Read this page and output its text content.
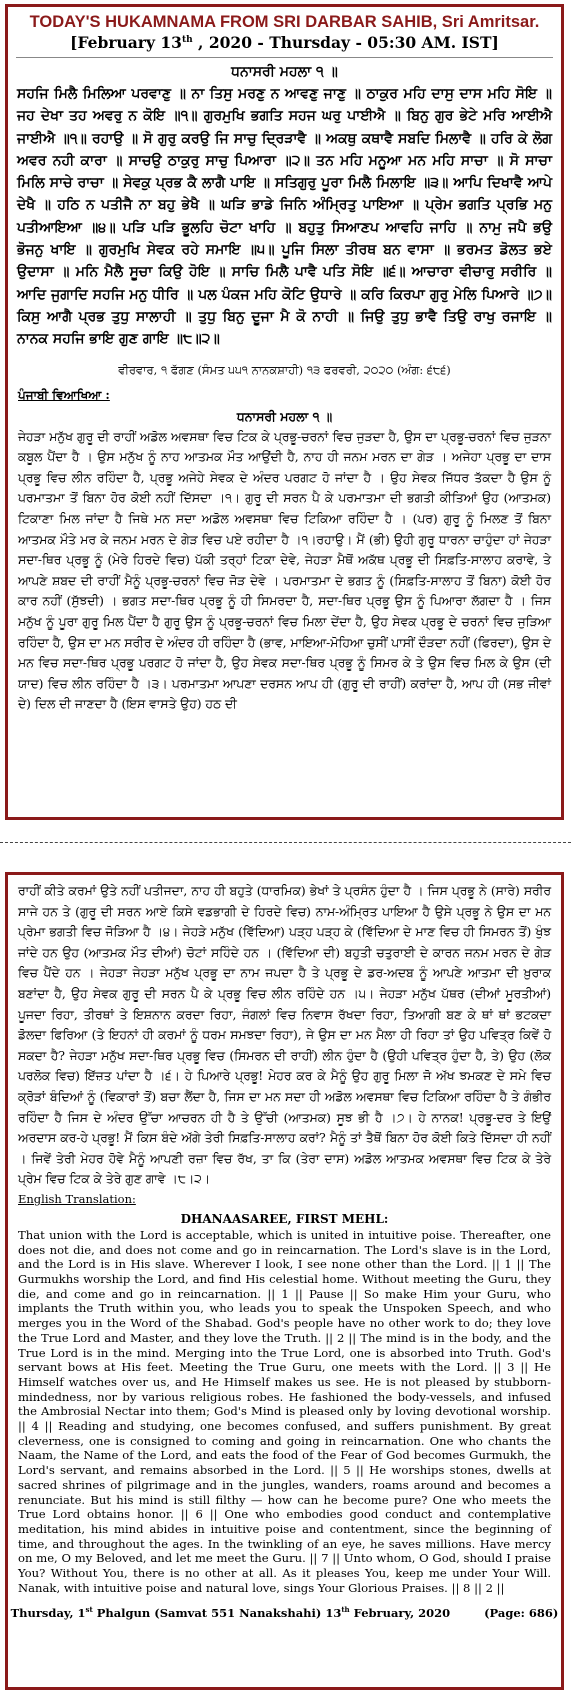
TODAY'S HUKAMNAMA FROM SRI DARBAR SAHIB, Sri Amritsar.
[February 13th , 2020 - Thursday - 05:30 AM. IST]
ਧਨਾਸਰੀ ਮਹਲਾ ੧ ॥

ਸਹਜਿ ਮਿਲੈ ਮਿਲਿਆ ਪਰਵਾਣੁ ॥ ਨਾ ਤਿਸੁ ਮਰਣੁ ਨ ਆਵਣੁ ਜਾਣੁ ॥ ਠਾਕੁਰ ਮਹਿ ਦਾਸੁ ਦਾਸ ਮਹਿ ਸੋਇ ॥ ਜਹ ਦੇਖਾ ਤਹ ਅਵਰੁ ਨ ਕੋਇ ॥੧॥ ਗੁਰਮੁਖਿ ਭਗਤਿ ਸਹਜ ਘਰੁ ਪਾਈਐ ॥ ਬਿਨੁ ਗੁਰ ਭੇਟੇ ਮਰਿ ਆਈਐ ਜਾਈਐ ॥੧॥ ਰਹਾਉ ॥ ਸੋ ਗੁਰੁ ਕਰਉ ਜਿ ਸਾਚੁ ਦ੍ਰਿੜਾਵੈ ॥ ਅਕਥੁ ਕਥਾਵੈ ਸਬਦਿ ਮਿਲਾਵੈ ॥ ਹਰਿ ਕੇ ਲੋਗ ਅਵਰ ਨਹੀ ਕਾਰਾ ॥ ਸਾਚਉ ਠਾਕੁਰੁ ਸਾਚੁ ਪਿਆਰਾ ॥੨॥ ਤਨ ਮਹਿ ਮਨੂਆ ਮਨ ਮਹਿ ਸਾਚਾ ॥ ਸੋ ਸਾਚਾ ਮਿਲਿ ਸਾਚੇ ਰਾਚਾ ॥ ਸੇਵਕੁ ਪ੍ਰਭ ਕੈ ਲਾਗੈ ਪਾਇ ॥ ਸਤਿਗੁਰੁ ਪੂਰਾ ਮਿਲੈ ਮਿਲਾਇ ॥੩॥ ਆਪਿ ਦਿਖਾਵੈ ਆਪੇ ਦੇਖੈ ॥ ਹਠਿ ਨ ਪਤੀਜੈ ਨਾ ਬਹੁ ਭੇਖੈ ॥ ਘੜਿ ਭਾਡੇ ਜਿਨਿ ਅੰਮ੍ਰਿਤੁ ਪਾਇਆ ॥ ਪ੍ਰੇਮ ਭਗਤਿ ਪ੍ਰਭਿ ਮਨੁ ਪਤੀਆਇਆ ॥੪॥ ਪੜਿ ਪੜਿ ਭੂਲਹਿ ਚੋਟਾ ਖਾਹਿ ॥ ਬਹੁਤੁ ਸਿਆਣਪ ਆਵਹਿ ਜਾਹਿ ॥ ਨਾਮੁ ਜਪੈ ਭਉ ਭੋਜਨੁ ਖਾਇ ॥ ਗੁਰਮੁਖਿ ਸੇਵਕ ਰਹੇ ਸਮਾਇ ॥੫॥ ਪੂਜਿ ਸਿਲਾ ਤੀਰਥ ਬਨ ਵਾਸਾ ॥ ਭਰਮਤ ਡੋਲਤ ਭਏ ਉਦਾਸਾ ॥ ਮਨਿ ਮੈਲੈ ਸੂਚਾ ਕਿਉ ਹੋਇ ॥ ਸਾਚਿ ਮਿਲੈ ਪਾਵੈ ਪਤਿ ਸੋਇ ॥੬॥ ਆਚਾਰਾ ਵੀਚਾਰੁ ਸਰੀਰਿ ॥ ਆਦਿ ਜੁਗਾਦਿ ਸਹਜਿ ਮਨੁ ਧੀਰਿ ॥ ਪਲ ਪੰਕਜ ਮਹਿ ਕੋਟਿ ਉਧਾਰੇ ॥ ਕਰਿ ਕਿਰਪਾ ਗੁਰੁ ਮੇਲਿ ਪਿਆਰੇ ॥੭॥ ਕਿਸੁ ਆਗੈ ਪ੍ਰਭ ਤੁਧੁ ਸਾਲਾਹੀ ॥ ਤੁਧੁ ਬਿਨੁ ਦੂਜਾ ਮੈ ਕੋ ਨਾਹੀ ॥ ਜਿਉ ਤੁਧੁ ਭਾਵੈ ਤਿਉ ਰਾਖੁ ਰਜਾਇ ॥ ਨਾਨਕ ਸਹਜਿ ਭਾਇ ਗੁਣ ਗਾਇ ॥੮॥੨॥

ਵੀਰਵਾਰ, ੧ ਫੱਗਣ (ਸੰਮਤ ੫੫੧ ਨਾਨਕਸ਼ਾਹੀ) ੧੩ ਫਰਵਰੀ, ੨੦੨੦ (ਅੰਗ: ੬੮੬)
ਪੰਜਾਬੀ ਵਿਆਖਿਆ :
ਧਨਾਸਰੀ ਮਹਲਾ ੧ ॥

ਜੇਹੜਾ ਮਨੁੱਖ ਗੁਰੂ ਦੀ ਰਾਹੀਂ ਅਡੋਲ ਅਵਸਥਾ ਵਿਚ ਟਿਕ ਕੇ ਪ੍ਰਭੂ-ਚਰਨਾਂ ਵਿਚ ਜੁੜਦਾ ਹੈ, ਉਸ ਦਾ ਪ੍ਰਭੂ-ਚਰਨਾਂ ਵਿਚ ਜੁੜਨਾ ਕਬੂਲ ਪੈਂਦਾ ਹੈ । ਉਸ ਮਨੁੱਖ ਨੂੰ ਨਾਹ ਆਤਮਕ ਮੌਤ ਆਉਂਦੀ ਹੈ, ਨਾਹ ਹੀ ਜਨਮ ਮਰਨ ਦਾ ਗੇੜ । ਅਜੇਹਾ ਪ੍ਰਭੂ ਦਾ ਦਾਸ ਪ੍ਰਭੂ ਵਿਚ ਲੀਨ ਰਹਿੰਦਾ ਹੈ, ਪ੍ਰਭੂ ਅਜੇਹੇ ਸੇਵਕ ਦੇ ਅੰਦਰ ਪਰਗਟ ਹੋ ਜਾਂਦਾ ਹੈ । ਉਹ ਸੇਵਕ ਜਿੱਧਰ ਤੱਕਦਾ ਹੈ ਉਸ ਨੂੰ ਪਰਮਾਤਮਾ ਤੋਂ ਬਿਨਾ ਹੋਰ ਕੋਈ ਨਹੀਂ ਦਿੱਸਦਾ ।੧। ਗੁਰੂ ਦੀ ਸਰਨ ਪੈ ਕੇ ਪਰਮਾਤਮਾ ਦੀ ਭਗਤੀ ਕੀਤਿਆਂ ਉਹ (ਆਤਮਕ) ਟਿਕਾਣਾ ਮਿਲ ਜਾਂਦਾ ਹੈ ਜਿਥੇ ਮਨ ਸਦਾ ਅਡੋਲ ਅਵਸਥਾ ਵਿਚ ਟਿਕਿਆ ਰਹਿੰਦਾ ਹੈ । (ਪਰ) ਗੁਰੂ ਨੂੰ ਮਿਲਣ ਤੋਂ ਬਿਨਾ ਆਤਮਕ ਮੌਤੇ ਮਰ ਕੇ ਜਨਮ ਮਰਨ ਦੇ ਗੇੜ ਵਿਚ ਪਏ ਰਹੀਦਾ ਹੈ ।੧।ਰਹਾਉ। ਮੈਂ (ਭੀ) ਉਹੀ ਗੁਰੂ ਧਾਰਨਾ ਚਾਹੁੰਦਾ ਹਾਂ ਜੇਹੜਾ ਸਦਾ-ਥਿਰ ਪ੍ਰਭੂ ਨੂੰ (ਮੇਰੇ ਹਿਰਦੇ ਵਿਚ) ਪੱਕੀ ਤਰ੍ਹਾਂ ਟਿਕਾ ਦੇਵੇ, ਜੇਹੜਾ ਮੈਥੋਂ ਅਕੱਥ ਪ੍ਰਭੂ ਦੀ ਸਿਫ਼ਤਿ-ਸਾਲਾਹ ਕਰਾਵੇ, ਤੇ ਆਪਣੇ ਸ਼ਬਦ ਦੀ ਰਾਹੀਂ ਮੈਨੂੰ ਪ੍ਰਭੂ-ਚਰਨਾਂ ਵਿਚ ਜੋੜ ਦੇਵੇ । ਪਰਮਾਤਮਾ ਦੇ ਭਗਤ ਨੂੰ (ਸਿਫ਼ਤਿ-ਸਾਲਾਹ ਤੋਂ ਬਿਨਾ) ਕੋਈ ਹੋਰ ਕਾਰ ਨਹੀਂ (ਸੁੱਝਦੀ) । ਭਗਤ ਸਦਾ-ਥਿਰ ਪ੍ਰਭੂ ਨੂੰ ਹੀ ਸਿਮਰਦਾ ਹੈ, ਸਦਾ-ਥਿਰ ਪ੍ਰਭੂ ਉਸ ਨੂੰ ਪਿਆਰਾ ਲੱਗਦਾ ਹੈ । ਜਿਸ ਮਨੁੱਖ ਨੂੰ ਪੂਰਾ ਗੁਰੂ ਮਿਲ ਪੈਂਦਾ ਹੈ ਗੁਰੂ ਉਸ ਨੂੰ ਪ੍ਰਭੂ-ਚਰਨਾਂ ਵਿਚ ਮਿਲਾ ਦੇਂਦਾ ਹੈ, ਉਹ ਸੇਵਕ ਪ੍ਰਭੂ ਦੇ ਚਰਨਾਂ ਵਿਚ ਜੁੜਿਆ ਰਹਿੰਦਾ ਹੈ, ਉਸ ਦਾ ਮਨ ਸਰੀਰ ਦੇ ਅੰਦਰ ਹੀ ਰਹਿੰਦਾ ਹੈ (ਭਾਵ, ਮਾਇਆ-ਮੋਹਿਆ ਚੁਸੀਂ ਪਾਸੀਂ ਦੌੜਦਾ ਨਹੀਂ (ਫਿਰਦਾ), ਉਸ ਦੇ ਮਨ ਵਿਚ ਸਦਾ-ਥਿਰ ਪ੍ਰਭੂ ਪਰਗਟ ਹੋ ਜਾਂਦਾ ਹੈ, ਉਹ ਸੇਵਕ ਸਦਾ-ਥਿਰ ਪ੍ਰਭੂ ਨੂੰ ਸਿਮਰ ਕੇ ਤੇ ਉਸ ਵਿਚ ਮਿਲ ਕੇ ਉਸ (ਦੀ ਯਾਦ) ਵਿਚ ਲੀਨ ਰਹਿੰਦਾ ਹੈ ।੩। ਪਰਮਾਤਮਾ ਆਪਣਾ ਦਰਸਨ ਆਪ ਹੀ (ਗੁਰੂ ਦੀ ਰਾਹੀਂ) ਕਰਾਂਦਾ ਹੈ, ਆਪ ਹੀ (ਸਭ ਜੀਵਾਂ ਦੇ) ਦਿਲ ਦੀ ਜਾਣਦਾ ਹੈ (ਇਸ ਵਾਸਤੇ ਉਹ) ਹਠ ਦੀ

ਰਾਹੀਂ ਕੀਤੇ ਕਰਮਾਂ ਉਤੇ ਨਹੀਂ ਪਤੀਜਦਾ, ਨਾਹ ਹੀ ਬਹੁਤੇ (ਧਾਰਮਿਕ) ਭੇਖਾਂ ਤੇ ਪ੍ਰਸੰਨ ਹੁੰਦਾ ਹੈ । ਜਿਸ ਪ੍ਰਭੂ ਨੇ (ਸਾਰੇ) ਸਰੀਰ ਸਾਜੇ ਹਨ ਤੇ (ਗੁਰੂ ਦੀ ਸਰਨ ਆਏ ਕਿਸੇ ਵਡਭਾਗੀ ਦੇ ਹਿਰਦੇ ਵਿਚ) ਨਾਮ-ਅੰਮ੍ਰਿਤ ਪਾਇਆ ਹੈ ਉਸੇ ਪ੍ਰਭੂ ਨੇ ਉਸ ਦਾ ਮਨ ਪ੍ਰੇਮਾ ਭਗਤੀ ਵਿਚ ਜੋੜਿਆ ਹੈ ।੪। ਜੇਹੜੇ ਮਨੁੱਖ (ਵਿੱਦਿਆ) ਪੜ੍ਹ ਪੜ੍ਹ ਕੇ (ਵਿੱਦਿਆ ਦੇ ਮਾਣ ਵਿਚ ਹੀ ਸਿਮਰਨ ਤੋਂ) ਖੁੰਝ ਜਾਂਦੇ ਹਨ ਉਹ (ਆਤਮਕ ਮੌਤ ਦੀਆਂ) ਚੋਟਾਂ ਸਹਿੰਦੇ ਹਨ । (ਵਿੱਦਿਆ ਦੀ) ਬਹੁਤੀ ਚਤੁਰਾਈ ਦੇ ਕਾਰਨ ਜਨਮ ਮਰਨ ਦੇ ਗੇੜ ਵਿਚ ਪੈਂਦੇ ਹਨ । ਜੇਹੜਾ ਜੇਹੜਾ ਮਨੁੱਖ ਪ੍ਰਭੂ ਦਾ ਨਾਮ ਜਪਦਾ ਹੈ ਤੇ ਪ੍ਰਭੂ ਦੇ ਡਰ-ਅਦਬ ਨੂੰ ਆਪਣੇ ਆਤਮਾ ਦੀ ਖ਼ੁਰਾਕ ਬਣਾਂਦਾ ਹੈ, ਉਹ ਸੇਵਕ ਗੁਰੂ ਦੀ ਸਰਨ ਪੈ ਕੇ ਪ੍ਰਭੂ ਵਿਚ ਲੀਨ ਰਹਿੰਦੇ ਹਨ ।੫। ਜੇਹੜਾ ਮਨੁੱਖ ਪੱਥਰ (ਦੀਆਂ ਮੂਰਤੀਆਂ) ਪੂਜਦਾ ਰਿਹਾ, ਤੀਰਥਾਂ ਤੇ ਇਸ਼ਨਾਨ ਕਰਦਾ ਰਿਹਾ, ਜੰਗਲਾਂ ਵਿਚ ਨਿਵਾਸ ਰੱਖਦਾ ਰਿਹਾ, ਤਿਆਗੀ ਬਣ ਕੇ ਥਾਂ ਥਾਂ ਭਟਕਦਾ ਡੋਲਦਾ ਫਿਰਿਆ (ਤੇ ਇਹਨਾਂ ਹੀ ਕਰਮਾਂ ਨੂੰ ਧਰਮ ਸਮਝਦਾ ਰਿਹਾ), ਜੇ ਉਸ ਦਾ ਮਨ ਮੈਲਾ ਹੀ ਰਿਹਾ ਤਾਂ ਉਹ ਪਵਿਤ੍ਰ ਕਿਵੇਂ ਹੋ ਸਕਦਾ ਹੈ? ਜੇਹੜਾ ਮਨੁੱਖ ਸਦਾ-ਥਿਰ ਪ੍ਰਭੂ ਵਿਚ (ਸਿਮਰਨ ਦੀ ਰਾਹੀਂ) ਲੀਨ ਹੁੰਦਾ ਹੈ (ਉਹੀ ਪਵਿਤ੍ਰ ਹੁੰਦਾ ਹੈ, ਤੇ) ਉਹ (ਲੋਕ ਪਰਲੋਕ ਵਿਚ) ਇੱਜ਼ਤ ਪਾਂਦਾ ਹੈ ।੬। ਹੇ ਪਿਆਰੇ ਪ੍ਰਭੂ! ਮੇਹਰ ਕਰ ਕੇ ਮੈਨੂੰ ਉਹ ਗੁਰੂ ਮਿਲਾ ਜੋ ਅੱਖ ਝਮਕਣ ਦੇ ਸਮੇ ਵਿਚ ਕ੍ਰੋੜਾਂ ਬੰਦਿਆਂ ਨੂੰ (ਵਿਕਾਰਾਂ ਤੋਂ) ਬਚਾ ਲੈਂਦਾ ਹੈ, ਜਿਸ ਦਾ ਮਨ ਸਦਾ ਹੀ ਅਡੋਲ ਅਵਸਥਾ ਵਿਚ ਟਿਕਿਆ ਰਹਿੰਦਾ ਹੈ ਤੇ ਗੰਭੀਰ ਰਹਿੰਦਾ ਹੈ ਜਿਸ ਦੇ ਅੰਦਰ ਉੱਚਾ ਆਚਰਨ ਹੀ ਹੈ ਤੇ ਉੱਚੀ (ਆਤਮਕ) ਸੂਝ ਭੀ ਹੈ ।੭। ਹੇ ਨਾਨਕ! ਪ੍ਰਭੂ-ਦਰ ਤੇ ਇਉਂ ਅਰਦਾਸ ਕਰ-ਹੇ ਪ੍ਰਭੂ! ਮੈਂ ਕਿਸ ਬੰਦੇ ਅੱਗੇ ਤੇਰੀ ਸਿਫ਼ਤਿ-ਸਾਲਾਹ ਕਰਾਂ? ਮੈਨੂੰ ਤਾਂ ਤੈਥੋਂ ਬਿਨਾ ਹੋਰ ਕੋਈ ਕਿਤੇ ਦਿੱਸਦਾ ਹੀ ਨਹੀਂ । ਜਿਵੇਂ ਤੇਰੀ ਮੇਹਰ ਹੋਵੇ ਮੈਨੂੰ ਆਪਣੀ ਰਜ਼ਾ ਵਿਚ ਰੱਖ, ਤਾ ਕਿ (ਤੇਰਾ ਦਾਸ) ਅਡੋਲ ਆਤਮਕ ਅਵਸਥਾ ਵਿਚ ਟਿਕ ਕੇ ਤੇਰੇ ਪ੍ਰੇਮ ਵਿਚ ਟਿਕ ਕੇ ਤੇਰੇ ਗੁਣ ਗਾਵੇ ।੮।੨।

English Translation:
DHANAASAREE, FIRST MEHL:

That union with the Lord is acceptable, which is united in intuitive poise. Thereafter, one does not die, and does not come and go in reincarnation. The Lord's slave is in the Lord, and the Lord is in His slave. Wherever I look, I see none other than the Lord. || 1 || The Gurmukhs worship the Lord, and find His celestial home. Without meeting the Guru, they die, and come and go in reincarnation. || 1 || Pause || So make Him your Guru, who implants the Truth within you, who leads you to speak the Unspoken Speech, and who merges you in the Word of the Shabad. God's people have no other work to do; they love the True Lord and Master, and they love the Truth. || 2 || The mind is in the body, and the True Lord is in the mind. Merging into the True Lord, one is absorbed into Truth. God's servant bows at His feet. Meeting the True Guru, one meets with the Lord. || 3 || He Himself watches over us, and He Himself makes us see. He is not pleased by stubborn-mindedness, nor by various religious robes. He fashioned the body-vessels, and infused the Ambrosial Nectar into them; God's Mind is pleased only by loving devotional worship. || 4 || Reading and studying, one becomes confused, and suffers punishment. By great cleverness, one is consigned to coming and going in reincarnation. One who chants the Naam, the Name of the Lord, and eats the food of the Fear of God becomes Gurmukh, the Lord's servant, and remains absorbed in the Lord. || 5 || He worships stones, dwells at sacred shrines of pilgrimage and in the jungles, wanders, roams around and becomes a renunciate. But his mind is still filthy — how can he become pure? One who meets the True Lord obtains honor. || 6 || One who embodies good conduct and contemplative meditation, his mind abides in intuitive poise and contentment, since the beginning of time, and throughout the ages. In the twinkling of an eye, he saves millions. Have mercy on me, O my Beloved, and let me meet the Guru. || 7 || Unto whom, O God, should I praise You? Without You, there is no other at all. As it pleases You, keep me under Your Will. Nanak, with intuitive poise and natural love, sings Your Glorious Praises. || 8 || 2 ||

Thursday, 1st Phalgun (Samvat 551 Nanakshahi) 13th February, 2020	(Page: 686)
